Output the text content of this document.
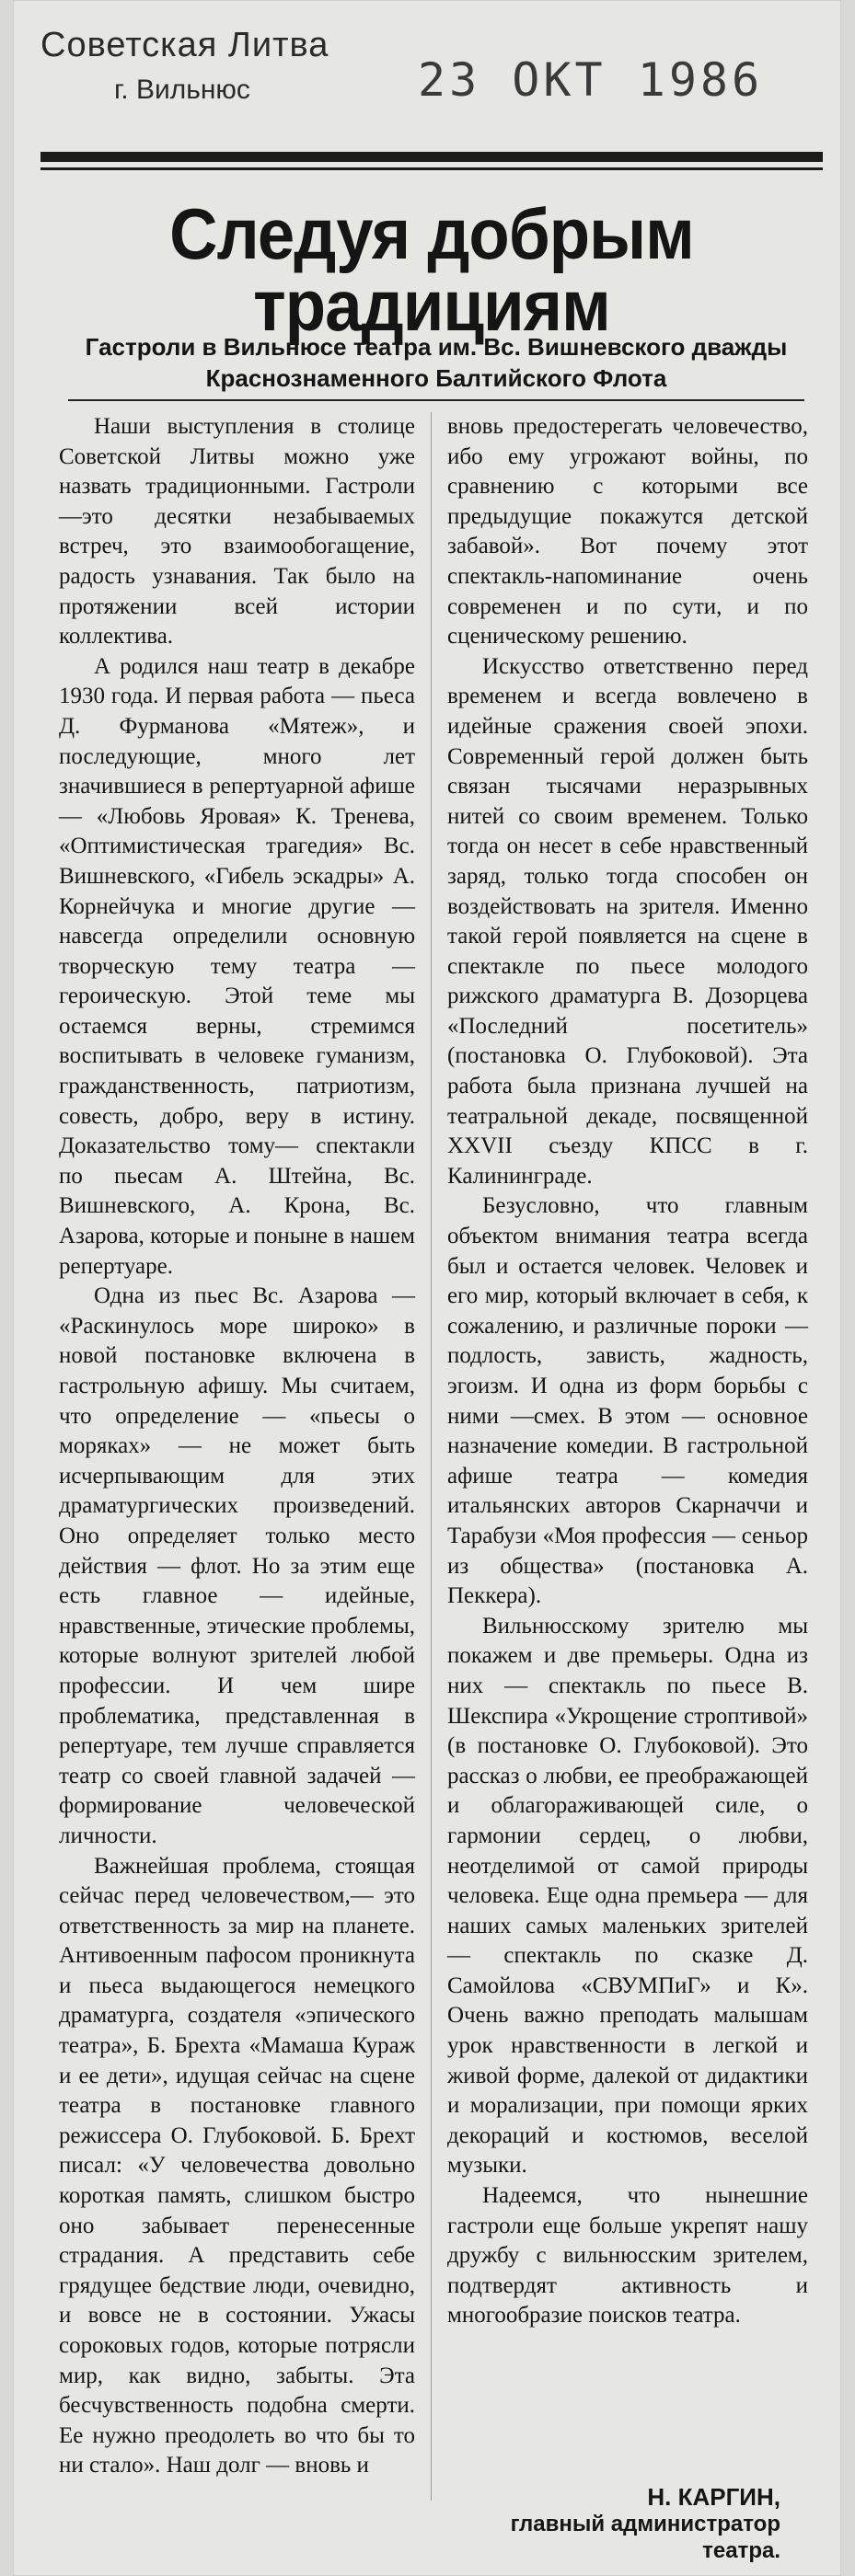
Советская Литва
г. Вильнюс	23 ОКТ 1986
Следуя добрым традициям
Гастроли в Вильнюсе театра им. Вс. Вишневского дважды Краснознаменного Балтийского Флота

Наши выступления в столице Советской Литвы можно уже назвать традиционными. Гастроли —это десятки незабываемых встреч, это взаимообогащение, радость узнавания. Так было на протяжении всей истории коллектива.

А родился наш театр в декабре 1930 года. И первая работа — пьеса Д. Фурманова «Мятеж», и последующие, много лет значившиеся в репертуарной афише— «Любовь Яровая» К. Тренева, «Оптимистическая трагедия» Вс. Вишневского, «Гибель эскадры» А. Корнейчука и многие другие — навсегда определили основную творческую тему театра — героическую. Этой теме мы остаемся верны, стремимся воспитывать в человеке гуманизм, гражданственность, патриотизм, совесть, добро, веру в истину. Доказательство тому— спектакли по пьесам А. Штейна, Вс. Вишневского, А. Крона, Вс. Азарова, которые и поныне в нашем репертуаре.

Одна из пьес Вс. Азарова — «Раскинулось море широко» в новой постановке включена в гастрольную афишу. Мы считаем, что определение — «пьесы о моряках» — не может быть исчерпывающим для этих драматургических произведений. Оно определяет только место действия — флот. Но за этим еще есть главное — идейные, нравственные, этические проблемы, которые волнуют зрителей любой профессии. И чем шире проблематика, представленная в репертуаре, тем лучше справляется театр со своей главной задачей — формирование человеческой личности.

Важнейшая проблема, стоящая сейчас перед человечеством,— это ответственность за мир на планете. Антивоенным пафосом проникнута и пьеса выдающегося немецкого драматурга, создателя «эпического театра», Б. Брехта «Мамаша Кураж и ее дети», идущая сейчас на сцене театра в постановке главного режиссера О. Глубоковой. Б. Брехт писал: «У человечества довольно короткая память, слишком быстро оно забывает перенесенные страдания. А представить себе грядущее бедствие люди, очевидно, и вовсе не в состоянии. Ужасы сороковых годов, которые потрясли мир, как видно, забыты. Эта бесчувственность подобна смерти. Ее нужно преодолеть во что бы то ни стало». Наш долг — вновь и

вновь предостерегать человечество, ибо ему угрожают войны, по сравнению с которыми все предыдущие покажутся детской забавой». Вот почему этот спектакль-напоминание очень современен и по сути, и по сценическому решению.

Искусство ответственно перед временем и всегда вовлечено в идейные сражения своей эпохи. Современный герой должен быть связан тысячами неразрывных нитей со своим временем. Только тогда он несет в себе нравственный заряд, только тогда способен он воздействовать на зрителя. Именно такой герой появляется на сцене в спектакле по пьесе молодого рижского драматурга В. Дозорцева «Последний посетитель» (постановка О. Глубоковой). Эта работа была признана лучшей на театральной декаде, посвященной XXVII съезду КПСС в г. Калининграде.

Безусловно, что главным объектом внимания театра всегда был и остается человек. Человек и его мир, который включает в себя, к сожалению, и различные пороки — подлость, зависть, жадность, эгоизм. И одна из форм борьбы с ними —смех. В этом — основное назначение комедии. В гастрольной афише театра — комедия итальянских авторов Скарначчи и Тарабузи «Моя профессия — сеньор из общества» (постановка А. Пеккера).

Вильнюсскому зрителю мы покажем и две премьеры. Одна из них — спектакль по пьесе В. Шекспира «Укрощение строптивой» (в постановке О. Глубоковой). Это рассказ о любви, ее преображающей и облагораживающей силе, о гармонии сердец, о любви, неотделимой от самой природы человека. Еще одна премьера — для наших самых маленьких зрителей — спектакль по сказке Д. Самойлова «СВУМПиГ» и К». Очень важно преподать малышам урок нравственности в легкой и живой форме, далекой от дидактики и морализации, при помощи ярких декораций и костюмов, веселой музыки.

Надеемся, что нынешние гастроли еще больше укрепят нашу дружбу с вильнюсским зрителем, подтвердят активность и многообразие поисков театра.

Н. КАРГИН,
главный администратор
театра.
